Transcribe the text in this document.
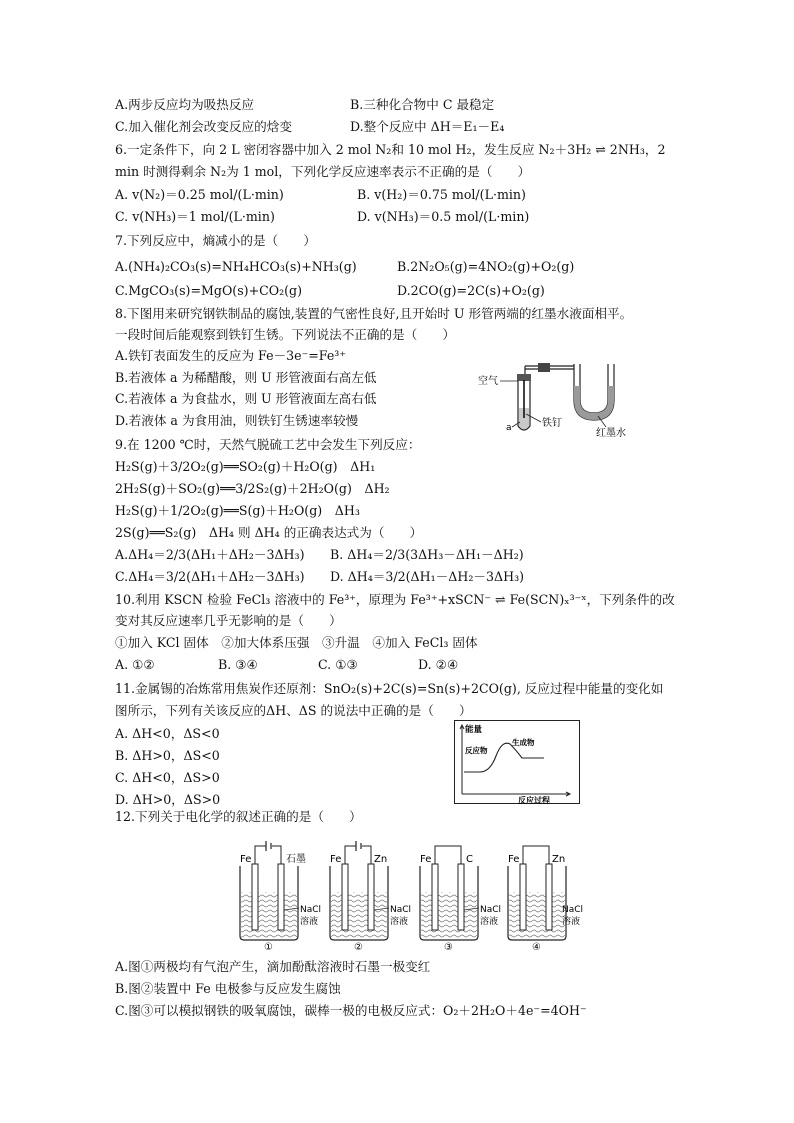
A.两步反应均为吸热反应	B.三种化合物中 C 最稳定
C.加入催化剂会改变反应的焓变	D.整个反应中 ΔH＝E₁－E₄
6.一定条件下，向 2 L 密闭容器中加入 2 mol N₂和 10 mol H₂，发生反应 N₂＋3H₂ ⇌ 2NH₃，2
min 时测得剩余 N₂为 1 mol，下列化学反应速率表示不正确的是（　　）
A. v(N₂)＝0.25 mol/(L·min)	B. v(H₂)＝0.75 mol/(L·min)
C. v(NH₃)＝1 mol/(L·min)	D. v(NH₃)＝0.5 mol/(L·min)
7.下列反应中，熵减小的是（　　）
A.(NH₄)₂CO₃(s)=NH₄HCO₃(s)+NH₃(g)	B.2N₂O₅(g)=4NO₂(g)+O₂(g)
C.MgCO₃(s)=MgO(s)+CO₂(g)	D.2CO(g)=2C(s)+O₂(g)
8.下图用来研究钢铁制品的腐蚀,装置的气密性良好,且开始时 U 形管两端的红墨水液面相平。
一段时间后能观察到铁钉生锈。下列说法不正确的是（　　）
A.铁钉表面发生的反应为 Fe－3e⁻=Fe³⁺
B.若液体 a 为稀醋酸，则 U 形管液面右高左低
C.若液体 a 为食盐水，则 U 形管液面左高右低
D.若液体 a 为食用油，则铁钉生锈速率较慢
空气
a	铁钉
红墨水
9.在 1200 ℃时，天然气脱硫工艺中会发生下列反应：
H₂S(g)＋3/2O₂(g)══SO₂(g)＋H₂O(g)　ΔH₁
2H₂S(g)＋SO₂(g)══3/2S₂(g)＋2H₂O(g)　ΔH₂
H₂S(g)＋1/2O₂(g)══S(g)＋H₂O(g)　ΔH₃
2S(g)══S₂(g)　ΔH₄ 则 ΔH₄ 的正确表达式为（　　）
A.ΔH₄＝2/3(ΔH₁＋ΔH₂－3ΔH₃) B. ΔH₄＝2/3(3ΔH₃－ΔH₁－ΔH₂)
C.ΔH₄＝3/2(ΔH₁＋ΔH₂－3ΔH₃) D. ΔH₄＝3/2(ΔH₁－ΔH₂－3ΔH₃)
10.利用 KSCN 检验 FeCl₃ 溶液中的 Fe³⁺，原理为 Fe³⁺+xSCN⁻ ⇌ Fe(SCN)ₓ³⁻ˣ，下列条件的改
变对其反应速率几乎无影响的是（　　）
①加入 KCl 固体　②加大体系压强　③升温　④加入 FeCl₃ 固体
A. ①②	B. ③④	C. ①③	D. ②④
11.金属锡的冶炼常用焦炭作还原剂：SnO₂(s)+2C(s)=Sn(s)+2CO(g), 反应过程中能量的变化如
图所示，下列有关该反应的ΔH、ΔS 的说法中正确的是（　　）
A. ΔH<0，ΔS<0
B. ΔH>0，ΔS<0
C. ΔH<0，ΔS>0
D. ΔH>0，ΔS>0
能量
反应物
生成物
反应过程
12.下列关于电化学的叙述正确的是（　　）
Fe	石墨
NaCl
溶液
①
Fe	Zn
NaCl
溶液
②
Fe	C
NaCl
溶液
③
Fe	Zn
NaCl
溶液
④
A.图①两极均有气泡产生，滴加酚酞溶液时石墨一极变红
B.图②装置中 Fe 电极参与反应发生腐蚀
C.图③可以模拟钢铁的吸氧腐蚀，碳棒一极的电极反应式：O₂＋2H₂O＋4e⁻=4OH⁻
